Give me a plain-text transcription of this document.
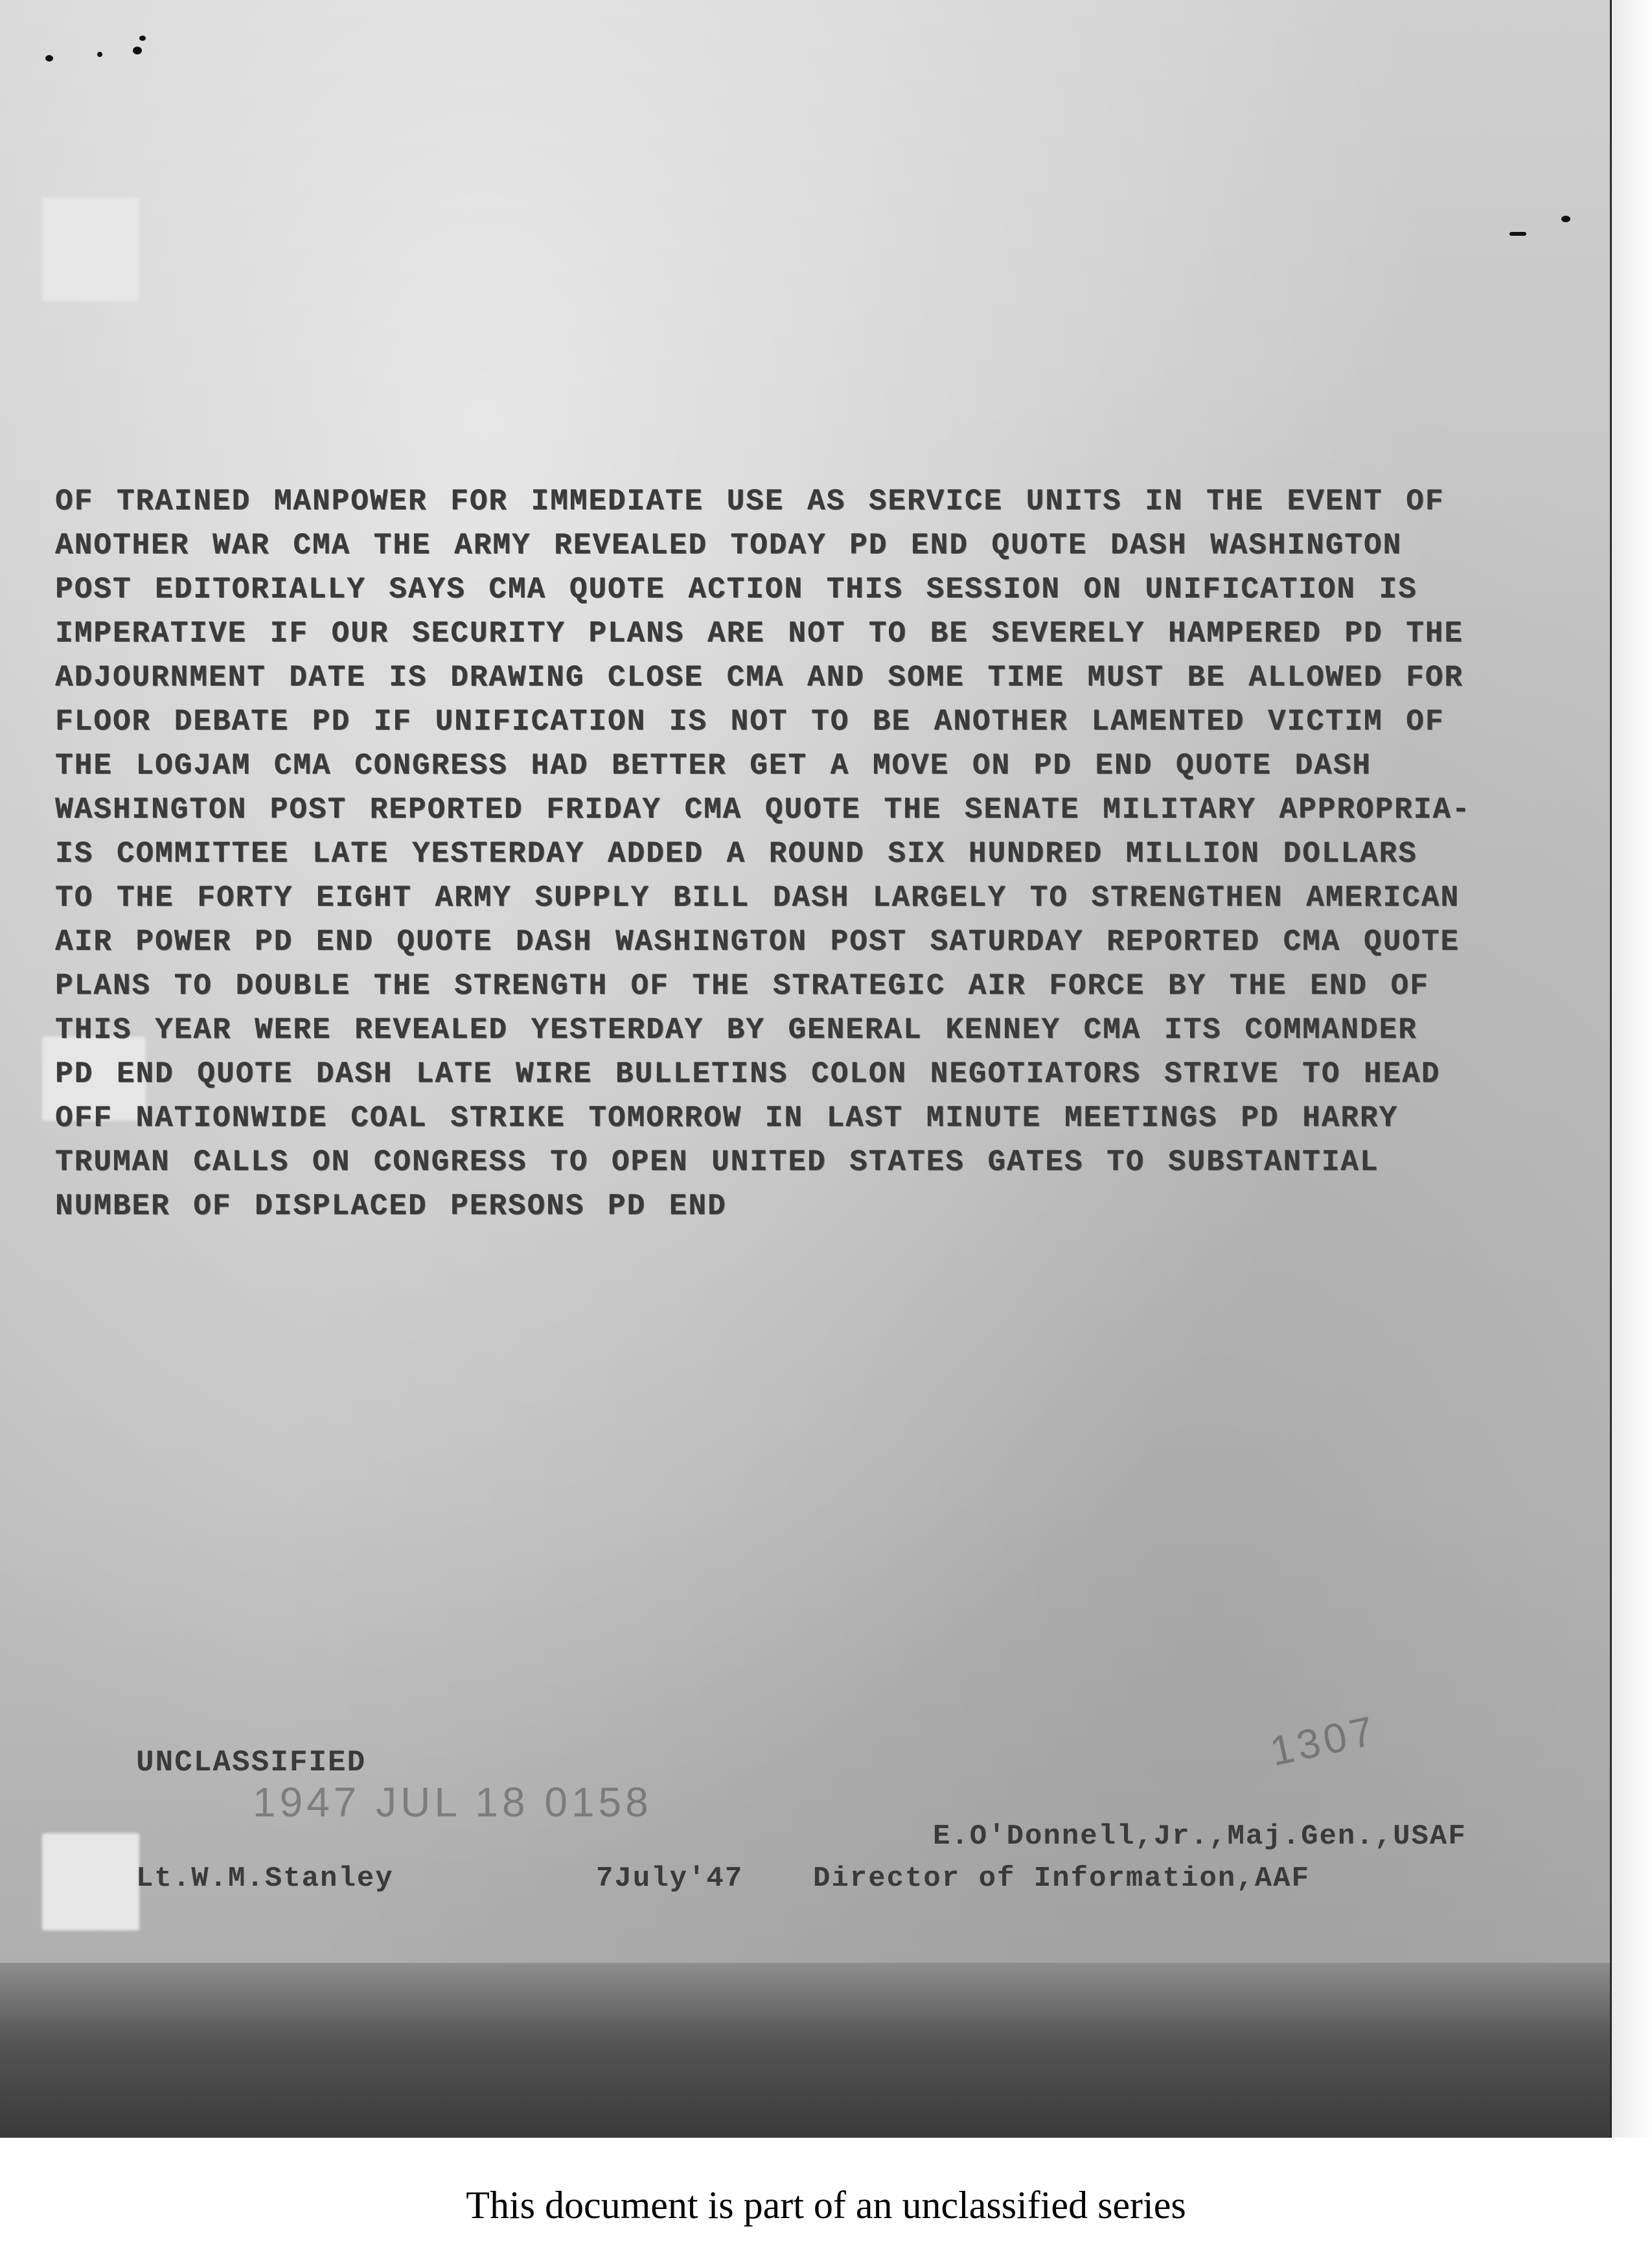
1947 JUL 18 0158
1307
OF TRAINED MANPOWER FOR IMMEDIATE USE AS SERVICE UNITS IN THE EVENT OF
ANOTHER WAR CMA THE ARMY REVEALED TODAY PD END QUOTE DASH WASHINGTON
POST EDITORIALLY SAYS CMA QUOTE ACTION THIS SESSION ON UNIFICATION IS
IMPERATIVE IF OUR SECURITY PLANS ARE NOT TO BE SEVERELY HAMPERED PD THE
ADJOURNMENT DATE IS DRAWING CLOSE CMA AND SOME TIME MUST BE ALLOWED FOR
FLOOR DEBATE PD IF UNIFICATION IS NOT TO BE ANOTHER LAMENTED VICTIM OF
THE LOGJAM CMA CONGRESS HAD BETTER GET A MOVE ON PD END QUOTE DASH
WASHINGTON POST REPORTED FRIDAY CMA QUOTE THE SENATE MILITARY APPROPRIA-
IS COMMITTEE LATE YESTERDAY ADDED A ROUND SIX HUNDRED MILLION DOLLARS
TO THE FORTY EIGHT ARMY SUPPLY BILL DASH LARGELY TO STRENGTHEN AMERICAN
AIR POWER PD END QUOTE DASH WASHINGTON POST SATURDAY REPORTED CMA QUOTE
PLANS TO DOUBLE THE STRENGTH OF THE STRATEGIC AIR FORCE BY THE END OF
THIS YEAR WERE REVEALED YESTERDAY BY GENERAL KENNEY CMA ITS COMMANDER
PD END QUOTE DASH LATE WIRE BULLETINS COLON NEGOTIATORS STRIVE TO HEAD
OFF NATIONWIDE COAL STRIKE TOMORROW IN LAST MINUTE MEETINGS PD HARRY
TRUMAN CALLS ON CONGRESS TO OPEN UNITED STATES GATES TO SUBSTANTIAL
NUMBER OF DISPLACED PERSONS PD END
UNCLASSIFIED
E.O'Donnell,Jr.,Maj.Gen.,USAF
Lt.W.M.Stanley	7July'47 Director of Information,AAF
This document is part of an unclassified series
